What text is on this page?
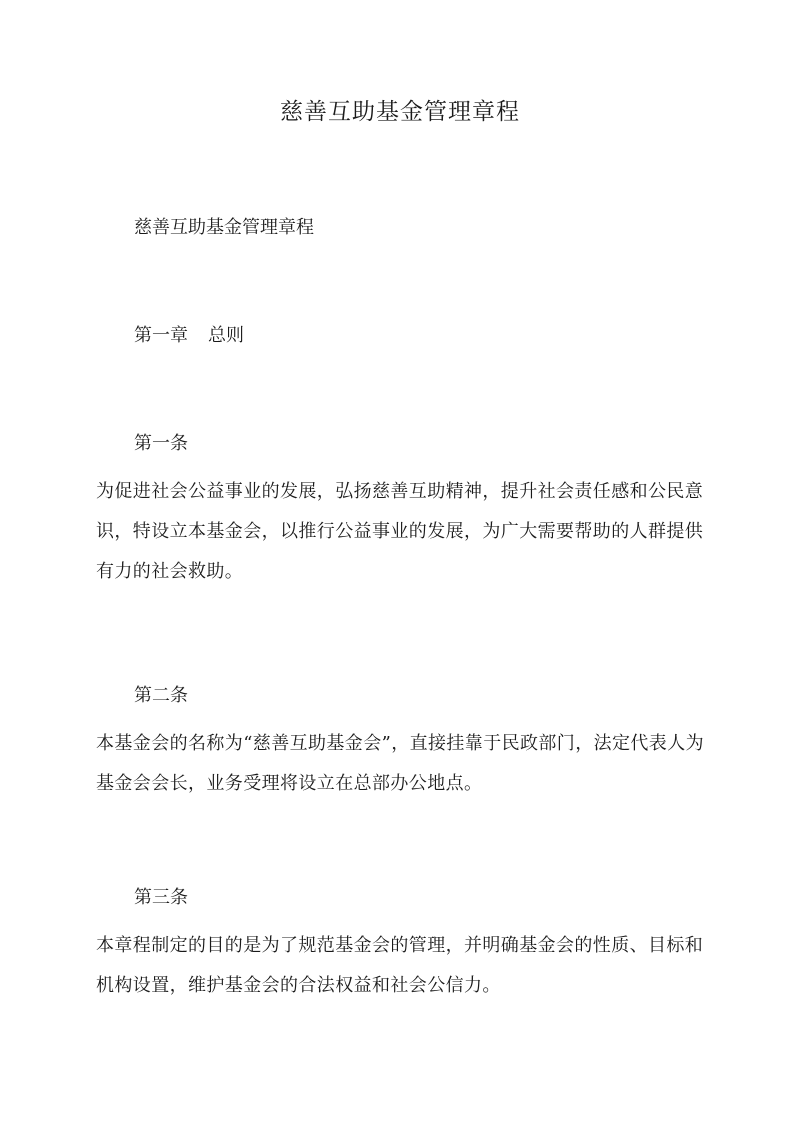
慈善互助基金管理章程

慈善互助基金管理章程

第一章 总则

第一条

为促进社会公益事业的发展，弘扬慈善互助精神，提升社会责任感和公民意识，特设立本基金会，以推行公益事业的发展，为广大需要帮助的人群提供有力的社会救助。

第二条

本基金会的名称为“慈善互助基金会”，直接挂靠于民政部门，法定代表人为基金会会长，业务受理将设立在总部办公地点。

第三条

本章程制定的目的是为了规范基金会的管理，并明确基金会的性质、目标和机构设置，维护基金会的合法权益和社会公信力。
